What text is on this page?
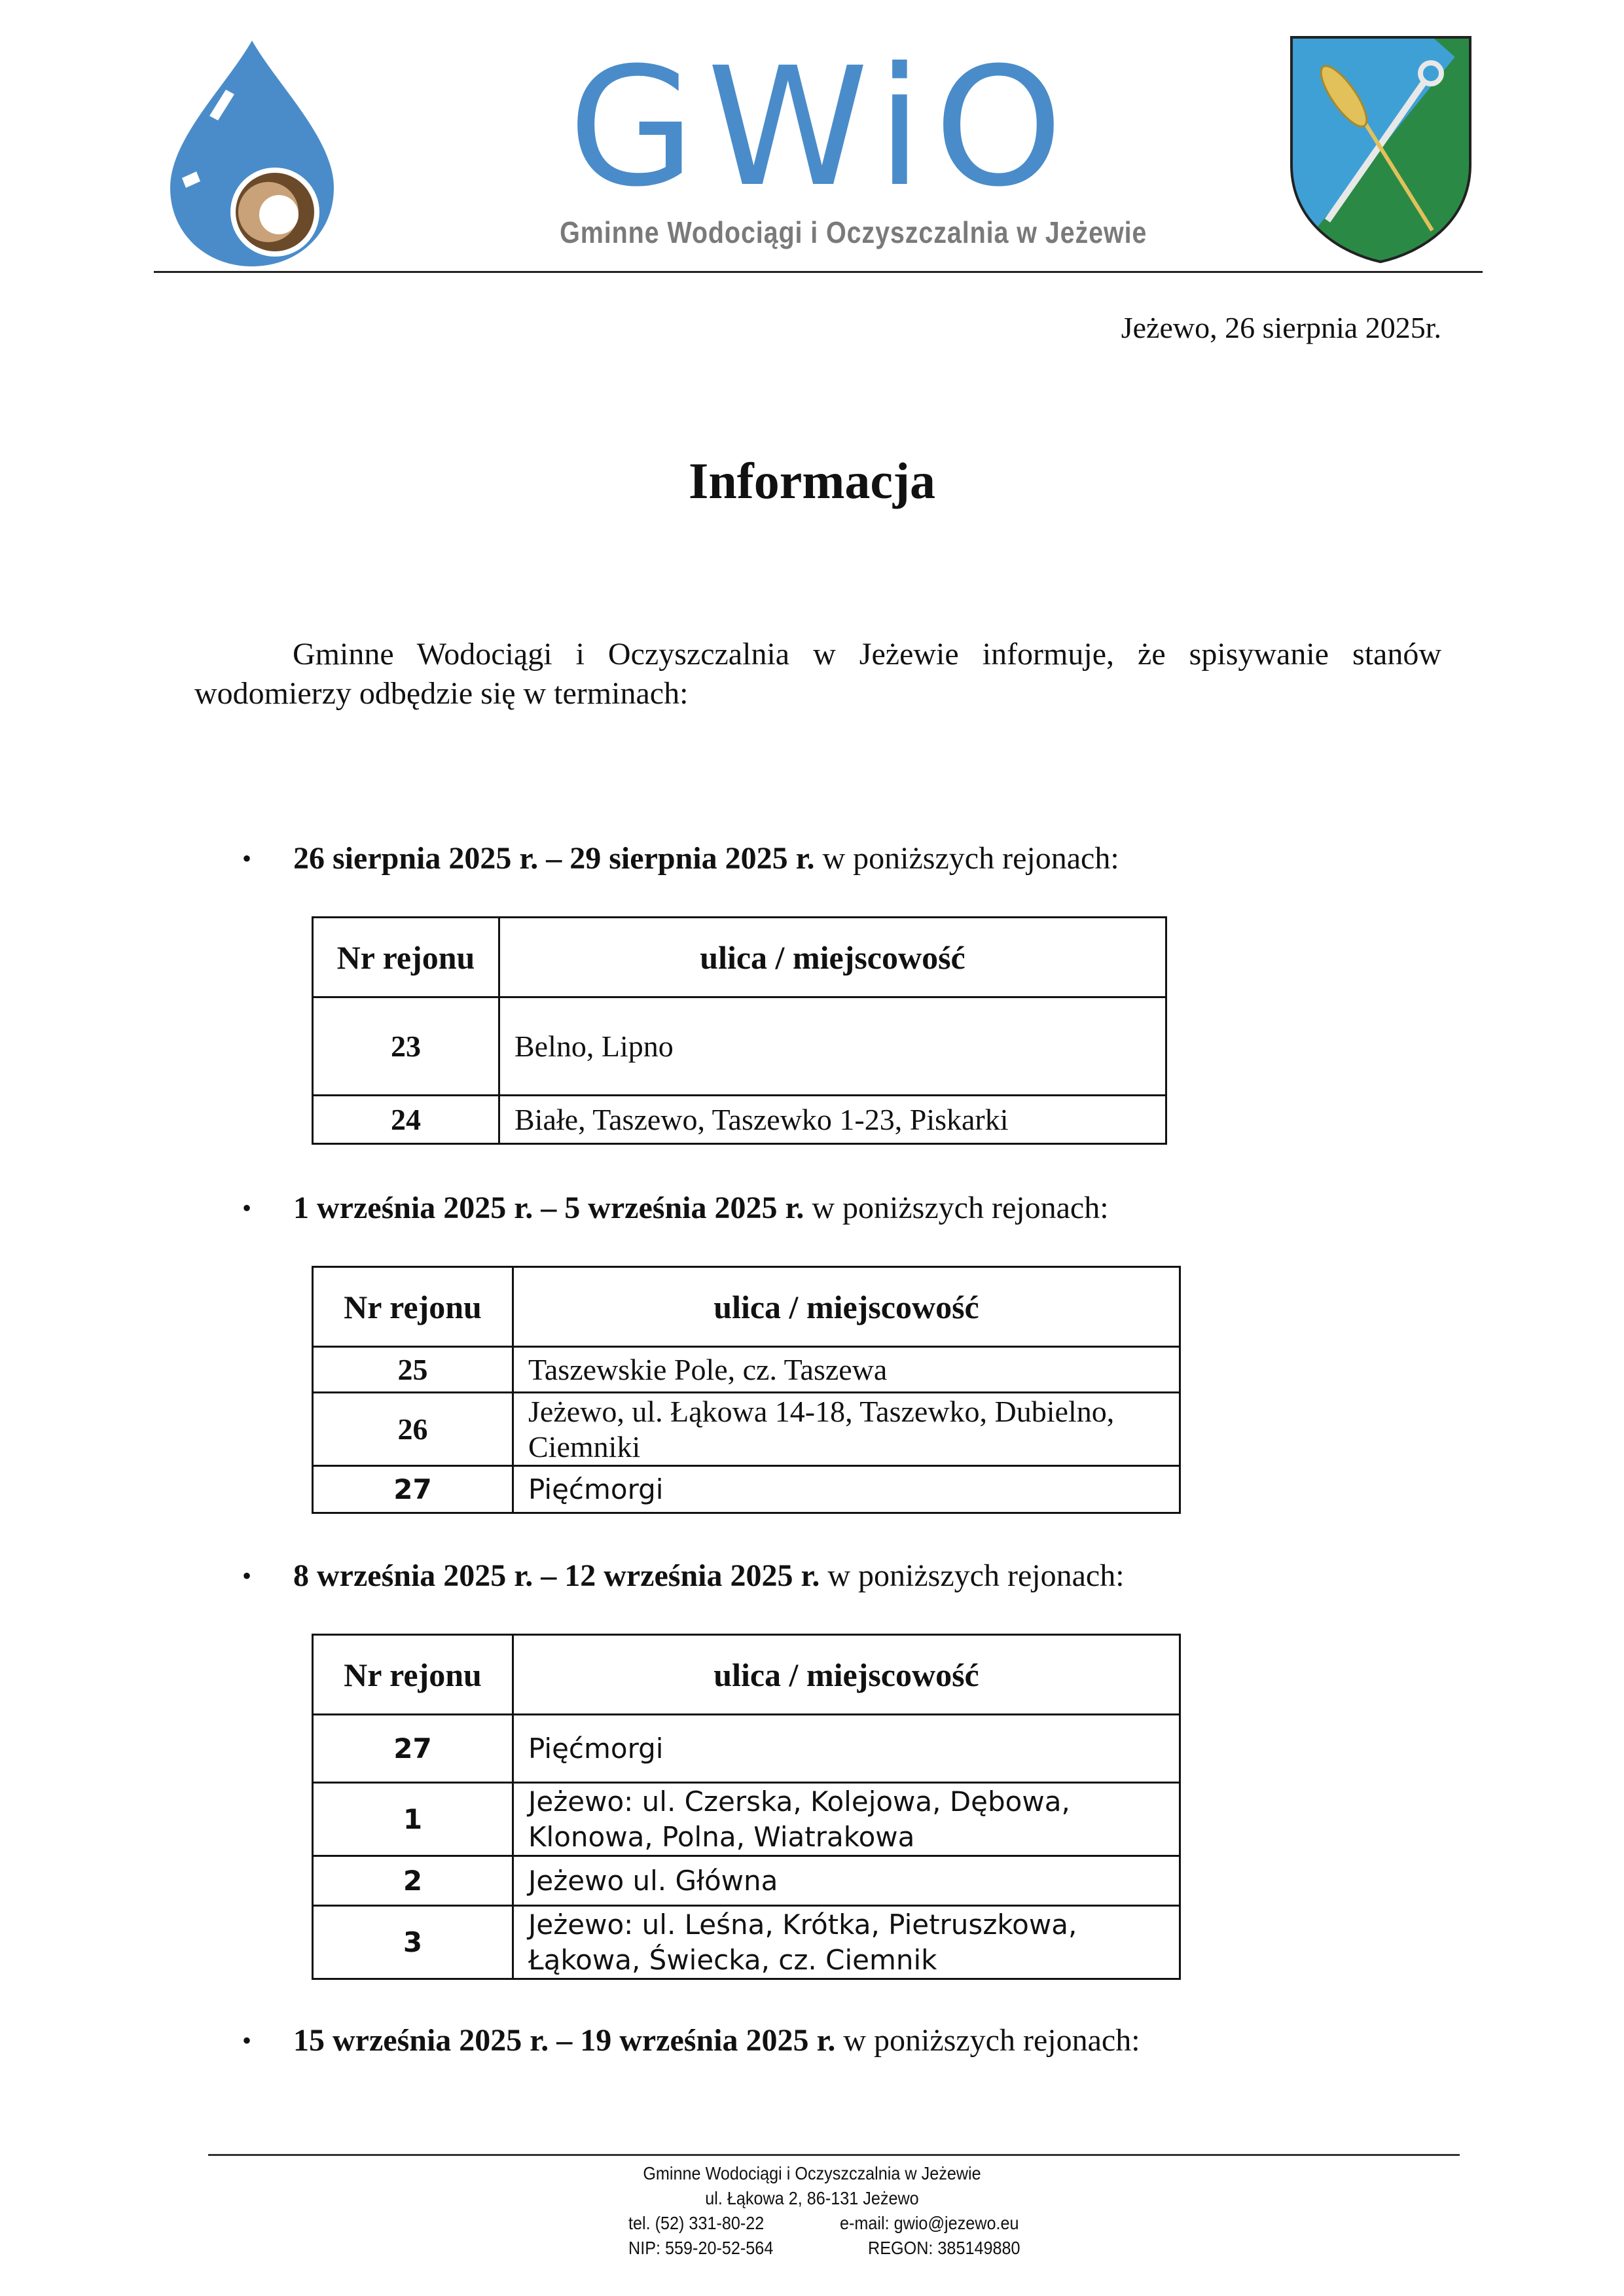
GWiO
Gminne Wodociągi i Oczyszczalnia w Jeżewie
Jeżewo, 26 sierpnia 2025r.
Informacja
Gminne Wodociągi i Oczyszczalnia w Jeżewie informuje, że spisywanie stanów wodomierzy odbędzie się w terminach:
• 26 sierpnia 2025 r. – 29 sierpnia 2025 r. w poniższych rejonach:
Nr rejonu	ulica / miejscowość
23	Belno, Lipno
24	Białe, Taszewo, Taszewko 1-23, Piskarki
• 1 września 2025 r. – 5 września 2025 r. w poniższych rejonach:
Nr rejonu	ulica / miejscowość
25	Taszewskie Pole, cz. Taszewa
26	Jeżewo, ul. Łąkowa 14-18, Taszewko, Dubielno, Ciemniki
27	Pięćmorgi
• 8 września 2025 r. – 12 września 2025 r. w poniższych rejonach:
Nr rejonu	ulica / miejscowość
27	Pięćmorgi
1	Jeżewo: ul. Czerska, Kolejowa, Dębowa, Klonowa, Polna, Wiatrakowa
2	Jeżewo ul. Główna
3	Jeżewo: ul. Leśna, Krótka, Pietruszkowa, Łąkowa, Świecka, cz. Ciemnik
• 15 września 2025 r. – 19 września 2025 r. w poniższych rejonach:
Gminne Wodociągi i Oczyszczalnia w Jeżewie
ul. Łąkowa 2, 86-131 Jeżewo
tel. (52) 331-80-22	e-mail: gwio@jezewo.eu
NIP: 559-20-52-564	REGON: 385149880
